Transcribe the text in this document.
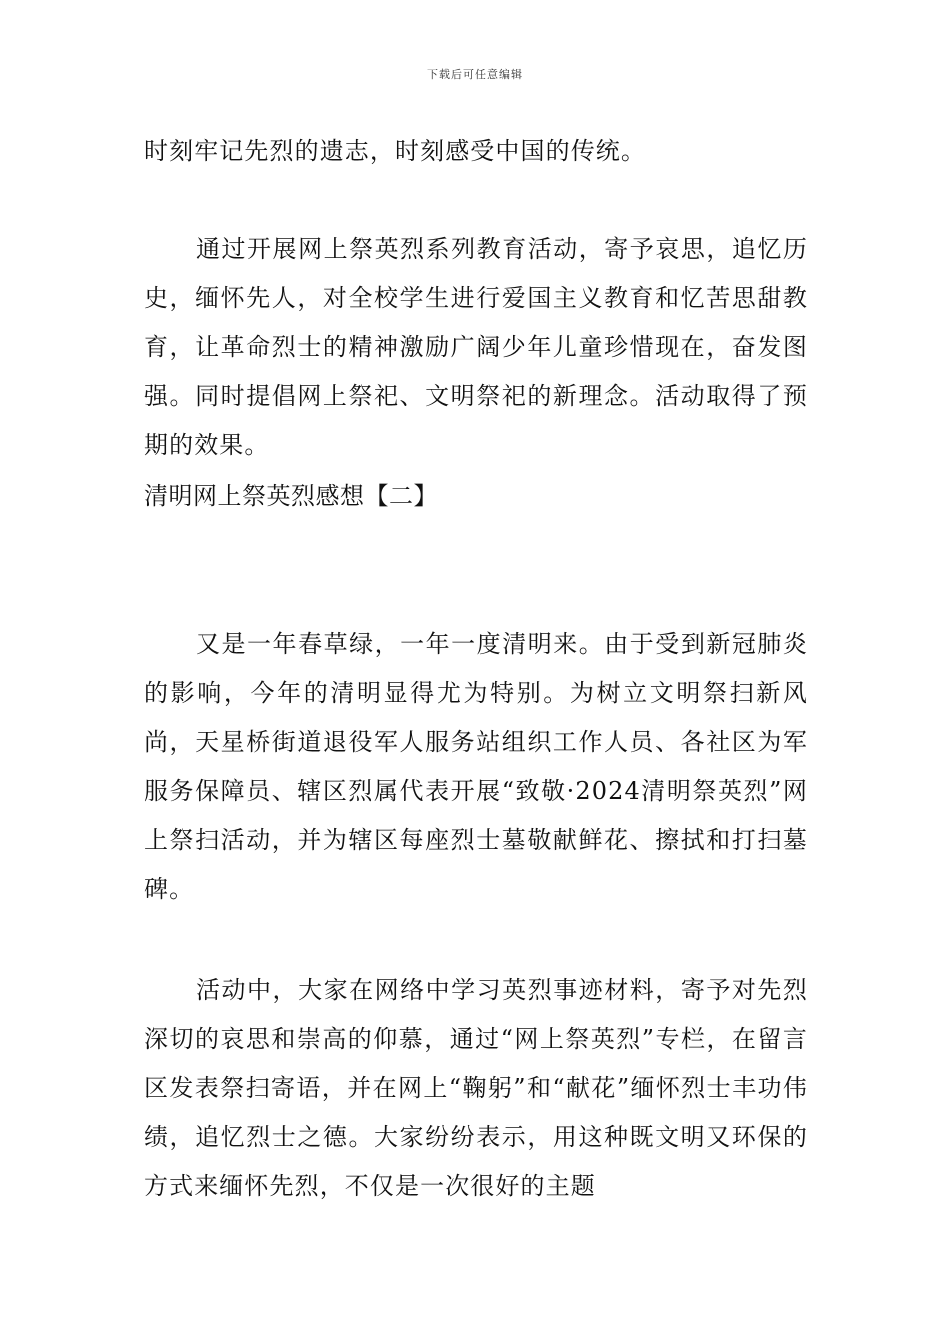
下载后可任意编辑

时刻牢记先烈的遗志，时刻感受中国的传统。

通过开展网上祭英烈系列教育活动，寄予哀思，追忆历史，缅怀先人，对全校学生进行爱国主义教育和忆苦思甜教育，让革命烈士的精神激励广阔少年儿童珍惜现在，奋发图强。同时提倡网上祭祀、文明祭祀的新理念。活动取得了预期的效果。

清明网上祭英烈感想【二】

又是一年春草绿，一年一度清明来。由于受到新冠肺炎的影响，今年的清明显得尤为特别。为树立文明祭扫新风尚，天星桥街道退役军人服务站组织工作人员、各社区为军服务保障员、辖区烈属代表开展“致敬·2024清明祭英烈”网上祭扫活动，并为辖区每座烈士墓敬献鲜花、擦拭和打扫墓碑。

活动中，大家在网络中学习英烈事迹材料，寄予对先烈深切的哀思和崇高的仰慕，通过“网上祭英烈”专栏，在留言区发表祭扫寄语，并在网上“鞠躬”和“献花”缅怀烈士丰功伟绩，追忆烈士之德。大家纷纷表示，用这种既文明又环保的方式来缅怀先烈，不仅是一次很好的主题
